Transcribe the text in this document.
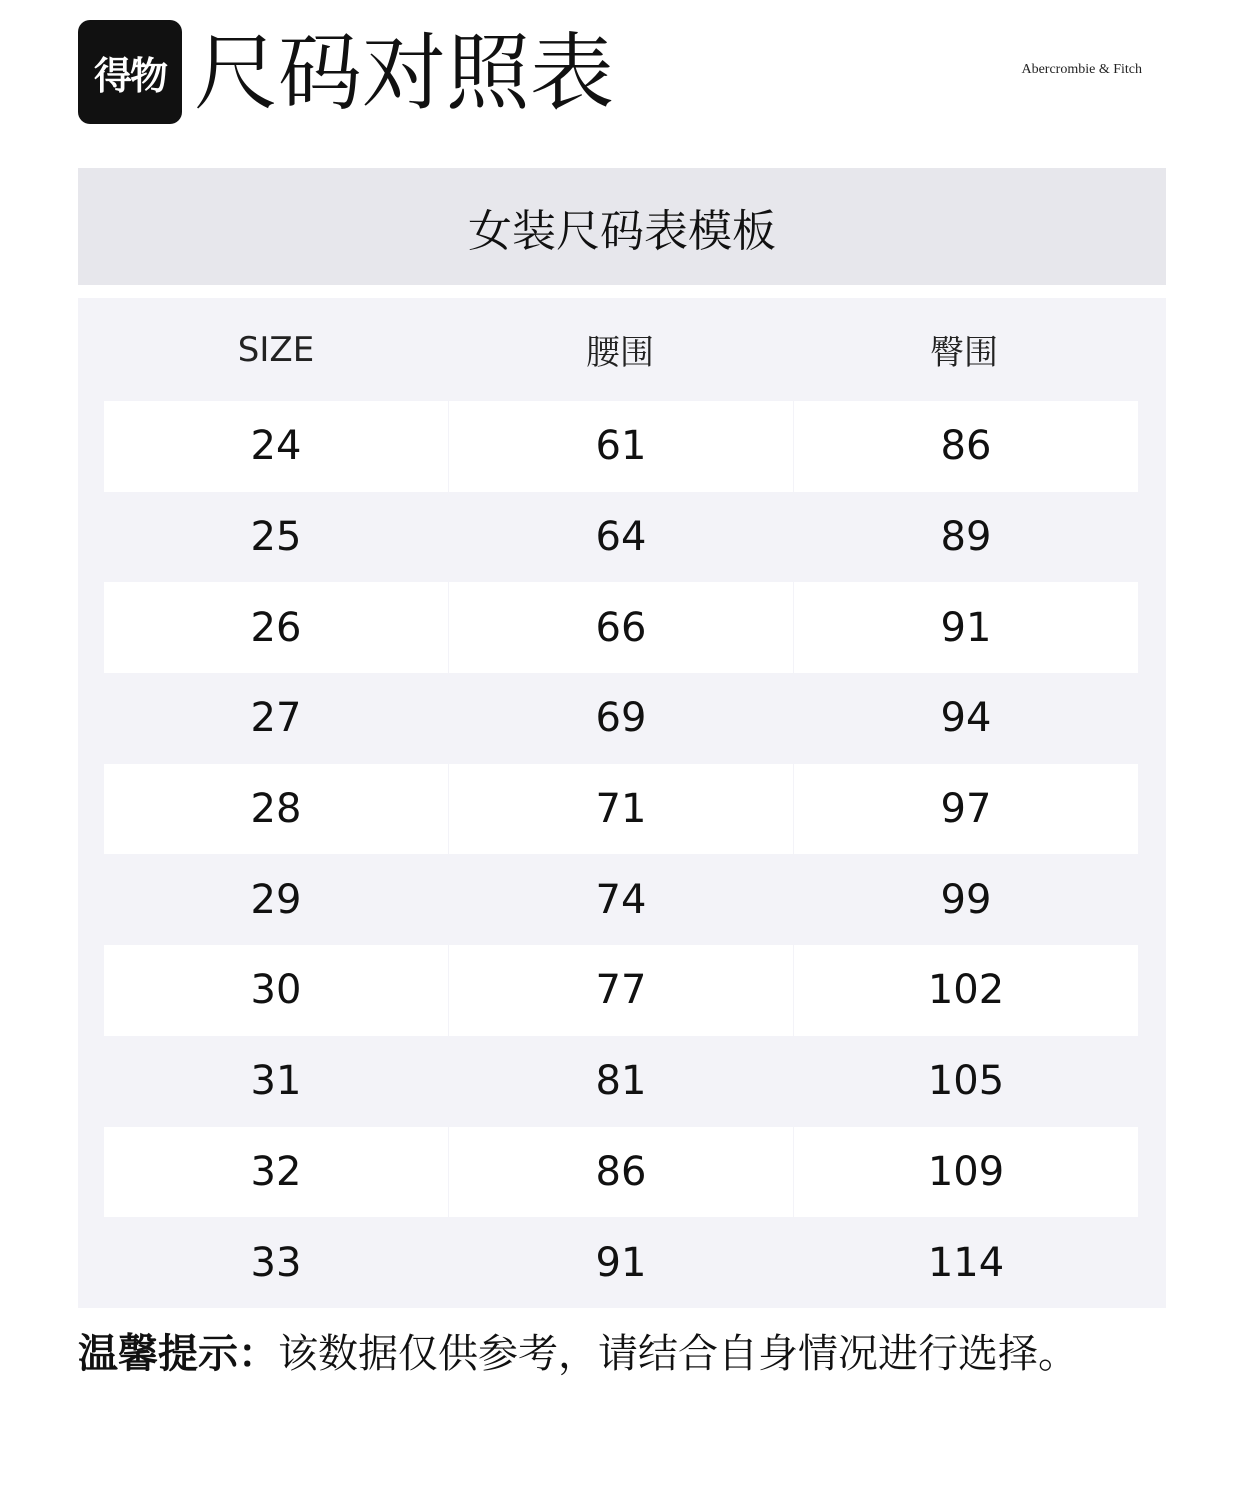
得物 尺码对照表	Abercrombie & Fitch
女装尺码表模板
SIZE	腰围	臀围
24	61	86
25	64	89
26	66	91
27	69	94
28	71	97
29	74	99
30	77	102
31	81	105
32	86	109
33	91	114
温馨提示：该数据仅供参考，请结合自身情况进行选择。
